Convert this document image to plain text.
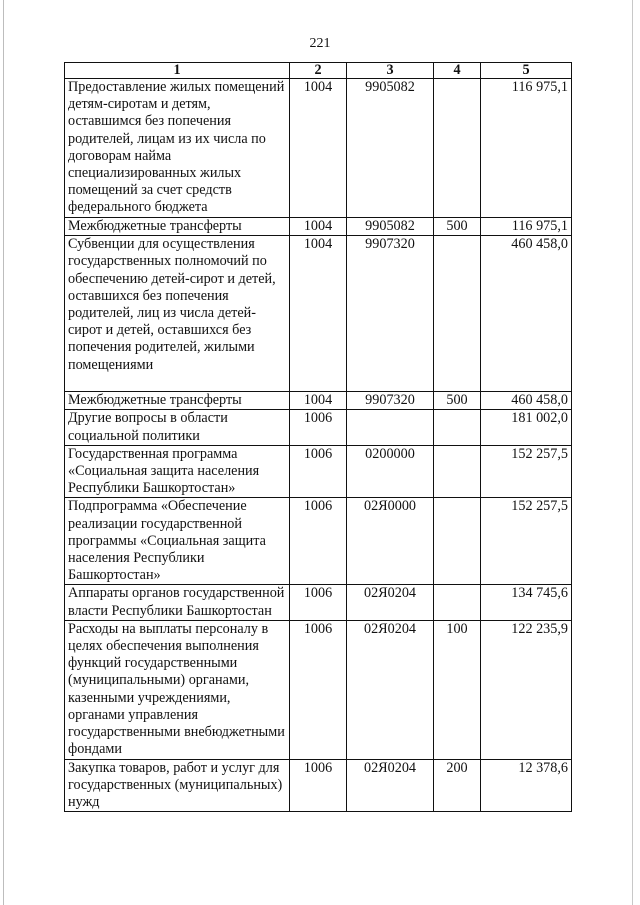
221
1	2	3	4	5
Предоставление жилых помещений детям-сиротам и детям, оставшимся без попечения родителей, лицам из их числа по договорам найма специализированных жилых помещений за счет средств федерального бюджета	1004	9905082		116 975,1
Межбюджетные трансферты	1004	9905082	500	116 975,1
Субвенции для осуществления государственных полномочий по обеспечению детей-сирот и детей, оставшихся без попечения родителей, лиц из числа детей-сирот и детей, оставшихся без попечения родителей, жилыми помещениями	1004	9907320		460 458,0
Межбюджетные трансферты	1004	9907320	500	460 458,0
Другие вопросы в области социальной политики	1006			181 002,0
Государственная программа «Социальная защита населения Республики Башкортостан»	1006	0200000		152 257,5
Подпрограмма «Обеспечение реализации государственной программы «Социальная защита населения Республики Башкортостан»	1006	02Я0000		152 257,5
Аппараты органов государственной власти Республики Башкортостан	1006	02Я0204		134 745,6
Расходы на выплаты персоналу в целях обеспечения выполнения функций государственными (муниципальными) органами, казенными учреждениями, органами управления государственными внебюджетными фондами	1006	02Я0204	100	122 235,9
Закупка товаров, работ и услуг для государственных (муниципальных) нужд	1006	02Я0204	200	12 378,6
